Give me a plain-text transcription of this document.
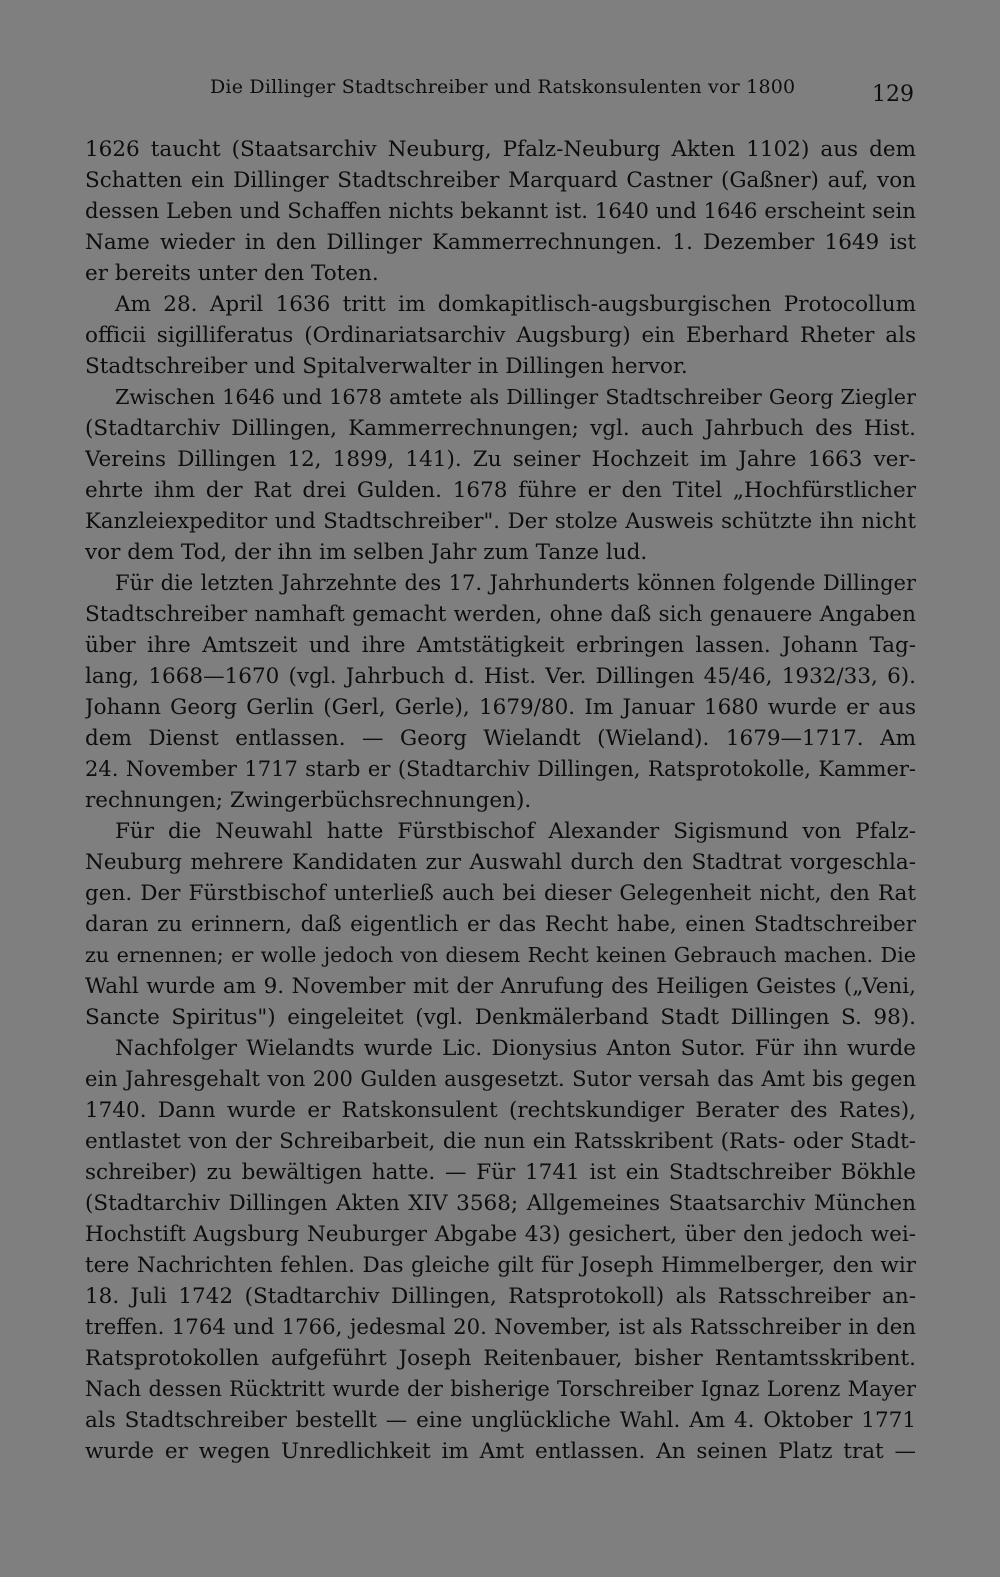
Die Dillinger Stadtschreiber und Ratskonsulenten vor 1800	129
1626 taucht (Staatsarchiv Neuburg, Pfalz-Neuburg Akten 1102) aus dem
Schatten ein Dillinger Stadtschreiber Marquard Castner (Gaßner) auf, von
dessen Leben und Schaffen nichts bekannt ist. 1640 und 1646 erscheint sein
Name wieder in den Dillinger Kammerrechnungen. 1. Dezember 1649 ist
er bereits unter den Toten.
Am 28. April 1636 tritt im domkapitlisch-augsburgischen Protocollum
officii sigilliferatus (Ordinariatsarchiv Augsburg) ein Eberhard Rheter als
Stadtschreiber und Spitalverwalter in Dillingen hervor.
Zwischen 1646 und 1678 amtete als Dillinger Stadtschreiber Georg Ziegler
(Stadtarchiv Dillingen, Kammerrechnungen; vgl. auch Jahrbuch des Hist.
Vereins Dillingen 12, 1899, 141). Zu seiner Hochzeit im Jahre 1663 ver-
ehrte ihm der Rat drei Gulden. 1678 führe er den Titel „Hochfürstlicher
Kanzleiexpeditor und Stadtschreiber". Der stolze Ausweis schützte ihn nicht
vor dem Tod, der ihn im selben Jahr zum Tanze lud.
Für die letzten Jahrzehnte des 17. Jahrhunderts können folgende Dillinger
Stadtschreiber namhaft gemacht werden, ohne daß sich genauere Angaben
über ihre Amtszeit und ihre Amtstätigkeit erbringen lassen. Johann Tag-
lang, 1668—1670 (vgl. Jahrbuch d. Hist. Ver. Dillingen 45/46, 1932/33, 6).
Johann Georg Gerlin (Gerl, Gerle), 1679/80. Im Januar 1680 wurde er aus
dem Dienst entlassen. — Georg Wielandt (Wieland). 1679—1717. Am
24. November 1717 starb er (Stadtarchiv Dillingen, Ratsprotokolle, Kammer-
rechnungen; Zwingerbüchsrechnungen).
Für die Neuwahl hatte Fürstbischof Alexander Sigismund von Pfalz-
Neuburg mehrere Kandidaten zur Auswahl durch den Stadtrat vorgeschla-
gen. Der Fürstbischof unterließ auch bei dieser Gelegenheit nicht, den Rat
daran zu erinnern, daß eigentlich er das Recht habe, einen Stadtschreiber
zu ernennen; er wolle jedoch von diesem Recht keinen Gebrauch machen. Die
Wahl wurde am 9. November mit der Anrufung des Heiligen Geistes („Veni,
Sancte Spiritus") eingeleitet (vgl. Denkmälerband Stadt Dillingen S. 98).
Nachfolger Wielandts wurde Lic. Dionysius Anton Sutor. Für ihn wurde
ein Jahresgehalt von 200 Gulden ausgesetzt. Sutor versah das Amt bis gegen
1740. Dann wurde er Ratskonsulent (rechtskundiger Berater des Rates),
entlastet von der Schreibarbeit, die nun ein Ratsskribent (Rats- oder Stadt-
schreiber) zu bewältigen hatte. — Für 1741 ist ein Stadtschreiber Bökhle
(Stadtarchiv Dillingen Akten XIV 3568; Allgemeines Staatsarchiv München
Hochstift Augsburg Neuburger Abgabe 43) gesichert, über den jedoch wei-
tere Nachrichten fehlen. Das gleiche gilt für Joseph Himmelberger, den wir
18. Juli 1742 (Stadtarchiv Dillingen, Ratsprotokoll) als Ratsschreiber an-
treffen. 1764 und 1766, jedesmal 20. November, ist als Ratsschreiber in den
Ratsprotokollen aufgeführt Joseph Reitenbauer, bisher Rentamtsskribent.
Nach dessen Rücktritt wurde der bisherige Torschreiber Ignaz Lorenz Mayer
als Stadtschreiber bestellt — eine unglückliche Wahl. Am 4. Oktober 1771
wurde er wegen Unredlichkeit im Amt entlassen. An seinen Platz trat —
